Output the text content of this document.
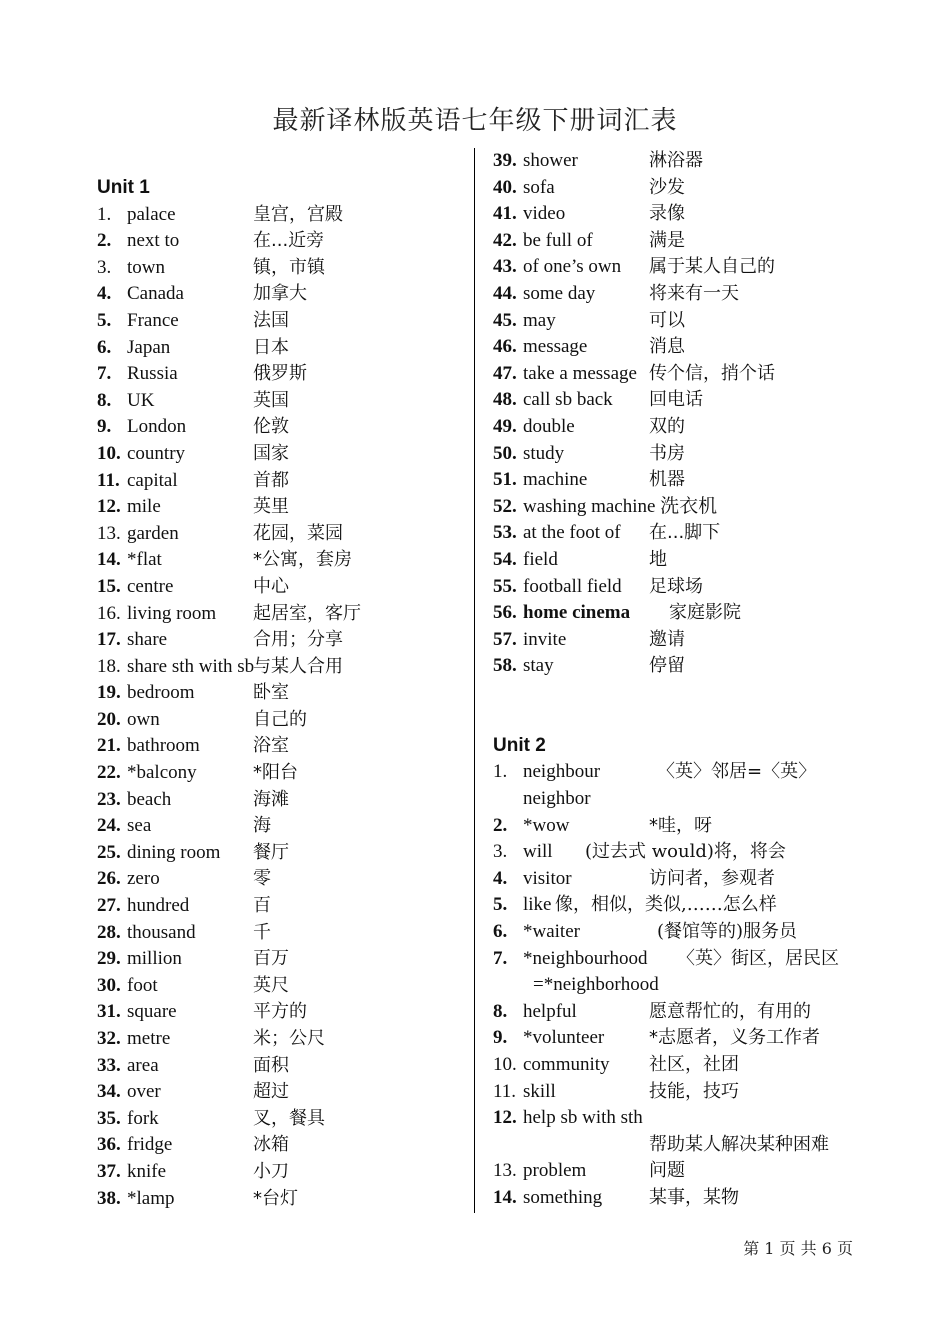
最新译林版英语七年级下册词汇表
Unit 1
1. palace	皇宫，宫殿
2. next to	在...近旁
3. town	镇，市镇
4. Canada	加拿大
5. France	法国
6. Japan	日本
7. Russia	俄罗斯
8. UK	英国
9. London	伦敦
10. country	国家
11. capital	首都
12. mile	英里
13. garden	花园，菜园
14. *flat	*公寓，套房
15. centre	中心
16. living room 起居室，客厅
17. share	合用；分享
18. share sth with sb
与某人合用
19. bedroom	卧室
20. own	自己的
21. bathroom	浴室
22. *balcony	*阳台
23. beach	海滩
24. sea	海
25. dining room 餐厅
26. zero	零
27. hundred	百
28. thousand	千
29. million	百万
30. foot	英尺
31. square	平方的
32. metre	米；公尺
33. area	面积
34. over	超过
35. fork	叉，餐具
36. fridge	冰箱
37. knife	小刀
38. *lamp	*台灯
39. shower	淋浴器
40. sofa	沙发
41. video	录像
42. be full of	满是
43. of one’s own 属于某人自己的
44. some day	将来有一天
45. may	可以
46. message	消息
47. take a message 传个信，捎个话
48. call sb back 回电话
49. double	双的
50. study	书房
51. machine	机器
52. washing machine 洗衣机
53. at the foot of 在...脚下
54. field	地
55. football field 足球场
56. home cinema 家庭影院
57. invite	邀请
58. stay	停留
Unit 2
1. neighbour	〈英〉邻居=〈英〉
neighbor
2. *wow	*哇，呀
3. will (过去式 would)将，将会
4. visitor	访问者，参观者
5. like 像，相似，类似,……怎么样
6. *waiter	(餐馆等的)服务员
7. *neighbourhood	〈英〉街区，居民区
=*neighborhood
8. helpful	愿意帮忙的，有用的
9. *volunteer *志愿者，义务工作者
10. community 社区，社团
11. skill	技能，技巧
12. help sb with sth
帮助某人解决某种困难
13. problem	问题
14. something	某事，某物
第 1 页 共 6 页
